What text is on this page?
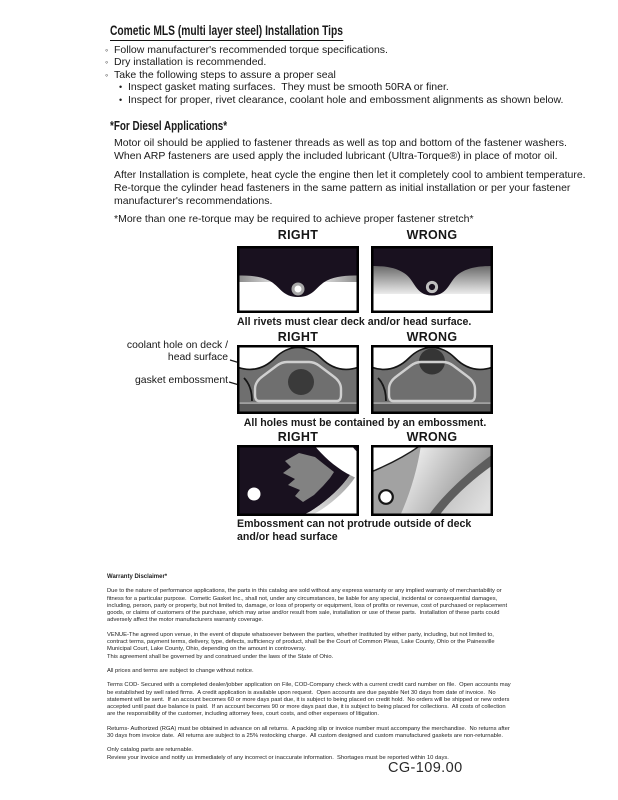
Cometic MLS (multi layer steel) Installation Tips
◦ Follow manufacturer's recommended torque specifications.
◦ Dry installation is recommended.
◦ Take the following steps to assure a proper seal
• Inspect gasket mating surfaces.  They must be smooth 50RA or finer.
• Inspect for proper, rivet clearance, coolant hole and embossment alignments as shown below.
*For Diesel Applications*
Motor oil should be applied to fastener threads as well as top and bottom of the fastener washers. When ARP fasteners are used apply the included lubricant (Ultra-Torque®) in place of motor oil.
After Installation is complete, heat cycle the engine then let it completely cool to ambient temperature. Re-torque the cylinder head fasteners in the same pattern as initial installation or per your fastener manufacturer's recommendations.
*More than one re-torque may be required to achieve proper fastener stretch*
RIGHT	WRONG
All rivets must clear deck and/or head surface.
RIGHT	WRONG
coolant hole on deck / head surface
gasket embossment
All holes must be contained by an embossment.
RIGHT	WRONG
Embossment can not protrude outside of deck and/or head surface

Warranty Disclaimer*

Due to the nature of performance applications, the parts in this catalog are sold without any express warranty or any implied warranty of merchantability or fitness for a particular purpose.  Cometic Gasket Inc., shall not, under any circumstances, be liable for any special, incidental or consequential damages, including, person, party or property, but not limited to, damage, or loss of property or equipment, loss of profits or revenue, cost of purchased or replacement goods, or claims of customers of the purchase, which may arise and/or result from sale, installation or use of these parts.  Installation of these parts could adversely affect the motor manufacturers warranty coverage.

VENUE-The agreed upon venue, in the event of dispute whatsoever between the parties, whether instituted by either party, including, but not limited to, contract terms, payment terms, delivery, type, defects, sufficiency of product, shall be the Court of Common Pleas, Lake County, Ohio or the Painesville Municipal Court, Lake County, Ohio, depending on the amount in controversy.

This agreement shall be governed by and construed under the laws of the State of Ohio.

All prices and terms are subject to change without notice.

Terms COD- Secured with a completed dealer/jobber application on File, COD-Company check with a current credit card number on file.  Open accounts may be established by well rated firms.  A credit application is available upon request.  Open accounts are due payable Net 30 days from date of invoice.  No statement will be sent.  If an account becomes 60 or more days past due, it is subject to being placed on credit hold.  No orders will be shipped or new orders accepted until past due balance is paid.  If an account becomes 90 or more days past due, it is subject to being placed for collections.  All costs of collection are the responsibility of the customer, including attorney fees, court costs, and other expenses of litigation.

Returns- Authorized (RGA) must be obtained in advance on all returns.  A packing slip or invoice number must accompany the merchandise.  No returns after 30 days from invoice date.  All returns are subject to a 25% restocking charge.  All custom designed and custom manufactured gaskets are non-returnable.

Only catalog parts are returnable.

Review your invoice and notify us immediately of any incorrect or inaccurate information.  Shortages must be reported within 10 days.

CG-109.00
